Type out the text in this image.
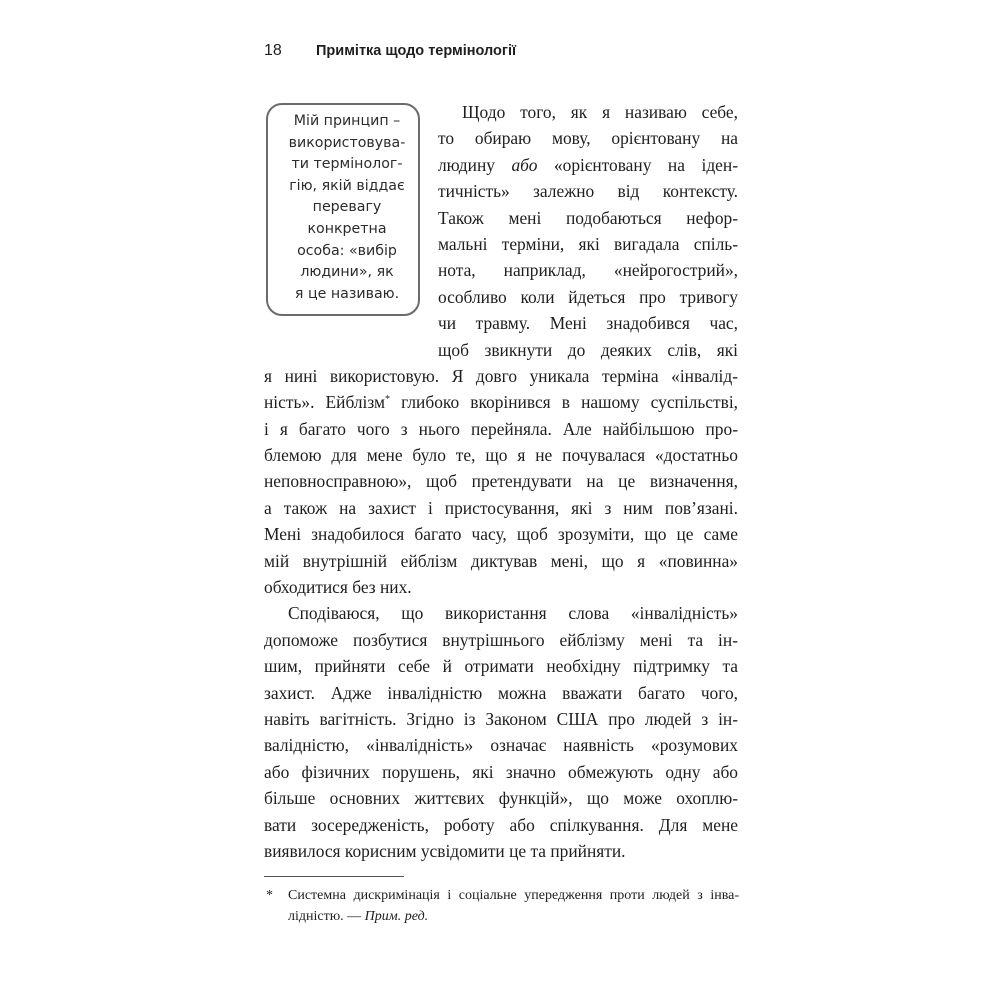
18 Примітка щодо термінології
Мій принцип –
використовува-
ти термінолог-
гію, якій віддає
перевагу
конкретна
особа: «вибір
людини», як
я це називаю.
Щодо того, як я називаю себе,
то обираю мову, орієнтовану на
людину або «орієнтовану на іден-
тичність» залежно від контексту.
Також мені подобаються нефор-
мальні терміни, які вигадала спіль-
нота, наприклад, «нейрогострий»,
особливо коли йдеться про тривогу
чи травму. Мені знадобився час,
щоб звикнути до деяких слів, які
я нині використовую. Я довго уникала терміна «інвалід-
ність». Ейблізм* глибоко вкорінився в нашому суспільстві,
і я багато чого з нього перейняла. Але найбільшою про-
блемою для мене було те, що я не почувалася «достатньо
неповносправною», щоб претендувати на це визначення,
а також на захист і пристосування, які з ним пов’язані.
Мені знадобилося багато часу, щоб зрозуміти, що це саме
мій внутрішній ейблізм диктував мені, що я «повинна»
обходитися без них.
Сподіваюся, що використання слова «інвалідність»
допоможе позбутися внутрішнього ейблізму мені та ін-
шим, прийняти себе й отримати необхідну підтримку та
захист. Адже інвалідністю можна вважати багато чого,
навіть вагітність. Згідно із Законом США про людей з ін-
валідністю, «інвалідність» означає наявність «розумових
або фізичних порушень, які значно обмежують одну або
більше основних життєвих функцій», що може охоплю-
вати зосередженість, роботу або спілкування. Для мене
виявилося корисним усвідомити це та прийняти.
* Системна дискримінація і соціальне упередження проти людей з інва-
лідністю. — Прим. ред.
